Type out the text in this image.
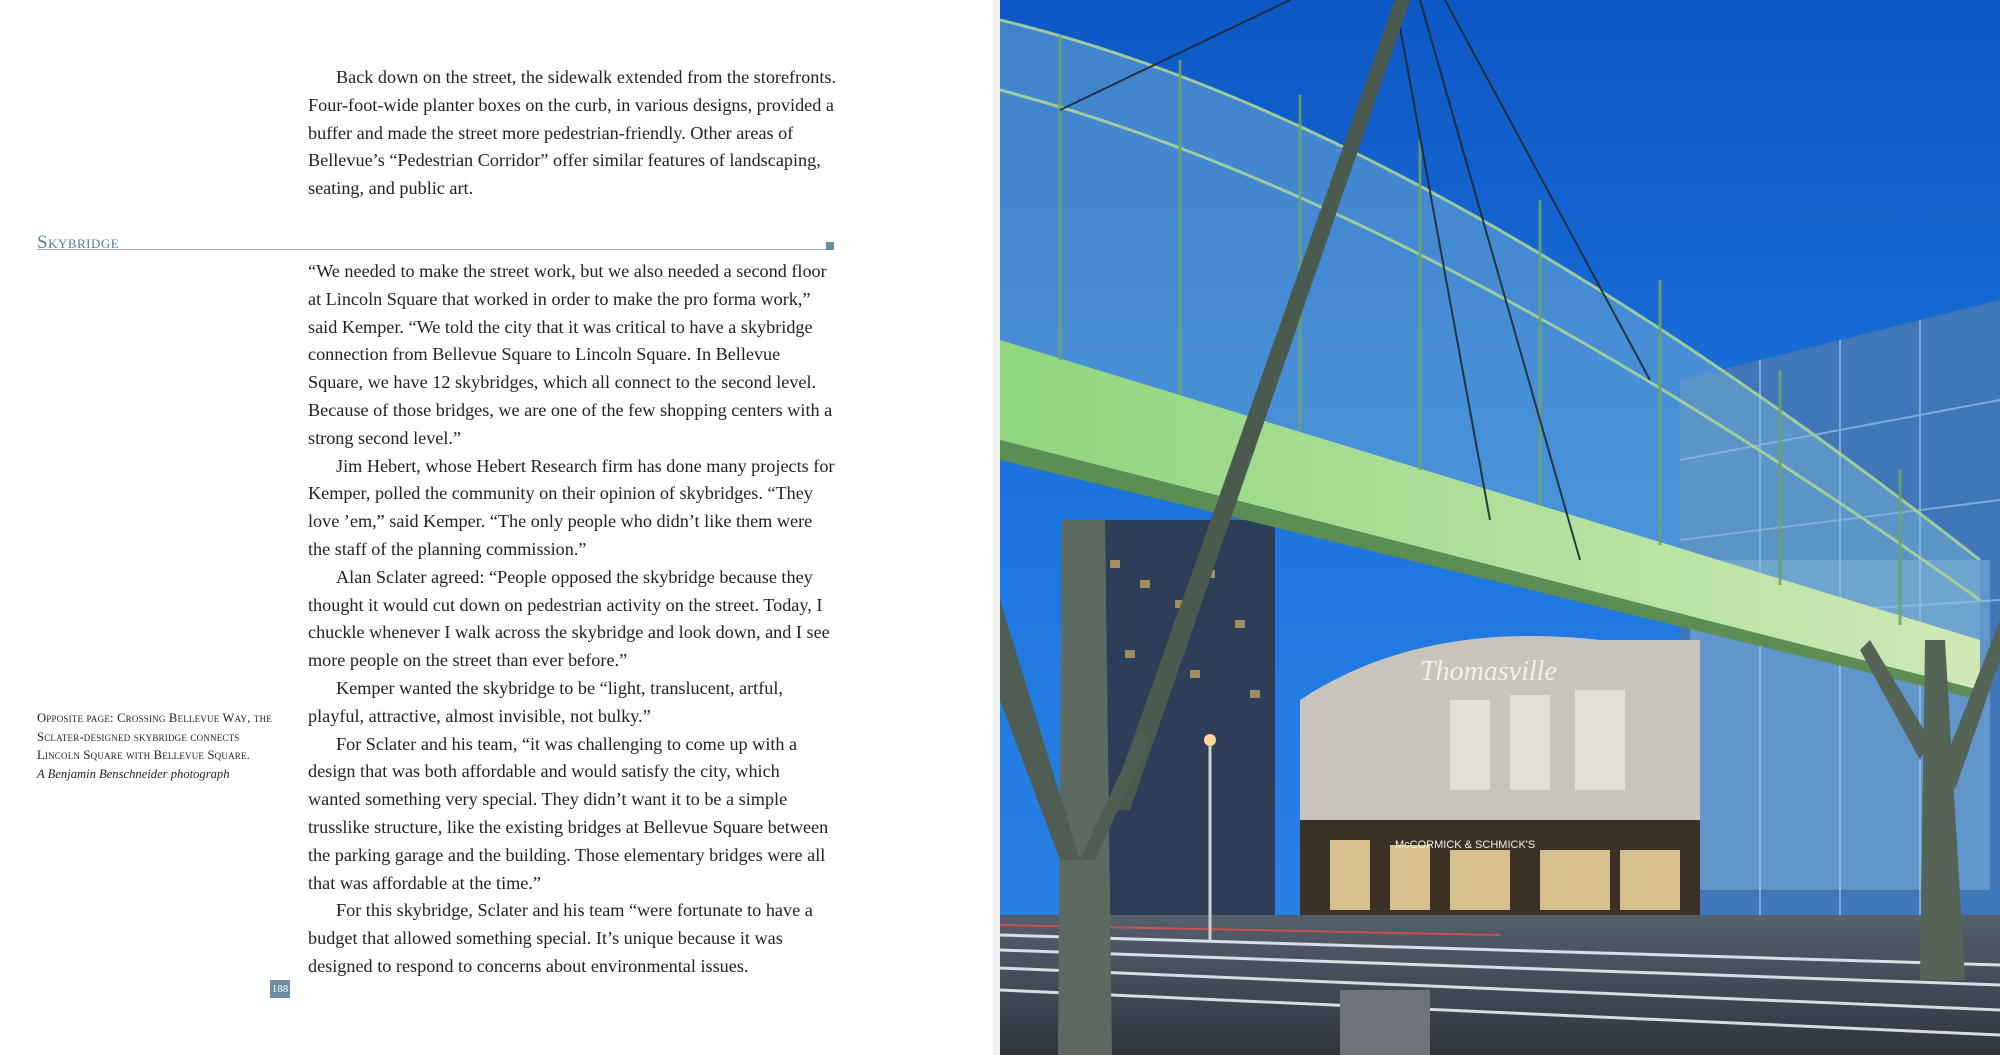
Back down on the street, the sidewalk extended from the storefronts. Four-foot-wide planter boxes on the curb, in various designs, provided a buffer and made the street more pedestrian-friendly. Other areas of Bellevue’s “Pedestrian Corridor” offer similar features of landscaping, seating, and public art.

Skybridge

“We needed to make the street work, but we also needed a second floor at Lincoln Square that worked in order to make the pro forma work,” said Kemper. “We told the city that it was critical to have a skybridge connection from Bellevue Square to Lincoln Square. In Bellevue Square, we have 12 skybridges, which all connect to the second level. Because of those bridges, we are one of the few shopping centers with a strong second level.”

Jim Hebert, whose Hebert Research firm has done many projects for Kemper, polled the community on their opinion of skybridges. “They love ’em,” said Kemper. “The only people who didn’t like them were the staff of the planning commission.”

Alan Sclater agreed: “People opposed the skybridge because they thought it would cut down on pedestrian activity on the street. Today, I chuckle whenever I walk across the skybridge and look down, and I see more people on the street than ever before.”

Kemper wanted the skybridge to be “light, translucent, artful, playful, attractive, almost invisible, not bulky.”

For Sclater and his team, “it was challenging to come up with a design that was both affordable and would satisfy the city, which wanted something very special. They didn’t want it to be a simple trusslike structure, like the existing bridges at Bellevue Square between the parking garage and the building. Those elementary bridges were all that was affordable at the time.”

For this skybridge, Sclater and his team “were fortunate to have a budget that allowed something special. It’s unique because it was designed to respond to concerns about environmental issues.

Opposite page: Crossing Bellevue Way, the Sclater-designed skybridge connects Lincoln Square with Bellevue Square.
A Benjamin Benschneider photograph
188
Thomasville
McCORMICK & SCHMICK'S
